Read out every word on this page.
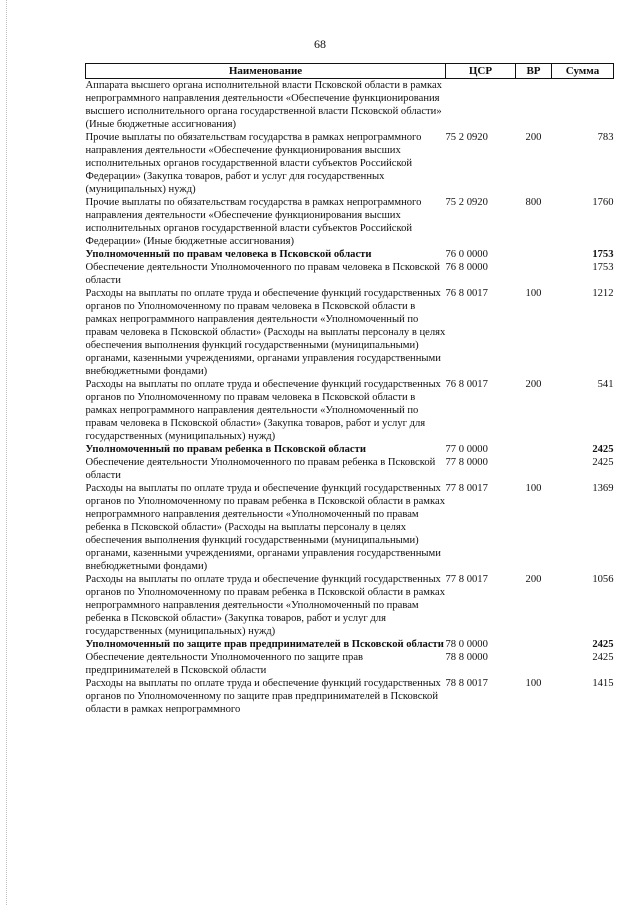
68
Наименование	ЦСР	ВР	Сумма
Аппарата высшего органа исполнительной власти Псковской области в рамках непрограммного направления деятельности «Обеспечение функционирования высшего исполнительного органа государственной власти Псковской области» (Иные бюджетные ассигнования)			
Прочие выплаты по обязательствам государства в рамках непрограммного направления деятельности «Обеспечение функционирования высших исполнительных органов государственной власти субъектов Российской Федерации» (Закупка товаров, работ и услуг для государственных (муниципальных) нужд)	75 2 0920	200	783
Прочие выплаты по обязательствам государства в рамках непрограммного направления деятельности «Обеспечение функционирования высших исполнительных органов государственной власти субъектов Российской Федерации» (Иные бюджетные ассигнования)	75 2 0920	800	1760
Уполномоченный по правам человека в Псковской области	76 0 0000		1753
Обеспечение деятельности Уполномоченного по правам человека в Псковской области	76 8 0000		1753
Расходы на выплаты по оплате труда и обеспечение функций государственных органов по Уполномоченному по правам человека в Псковской области в рамках непрограммного направления деятельности «Уполномоченный по правам человека в Псковской области» (Расходы на выплаты персоналу в целях обеспечения выполнения функций государственными (муниципальными) органами, казенными учреждениями, органами управления государственными внебюджетными фондами)	76 8 0017	100	1212
Расходы на выплаты по оплате труда и обеспечение функций государственных органов по Уполномоченному по правам человека в Псковской области в рамках непрограммного направления деятельности «Уполномоченный по правам человека в Псковской области» (Закупка товаров, работ и услуг для государственных (муниципальных) нужд)	76 8 0017	200	541
Уполномоченный по правам ребенка в Псковской области	77 0 0000		2425
Обеспечение деятельности Уполномоченного по правам ребенка в Псковской области	77 8 0000		2425
Расходы на выплаты по оплате труда и обеспечение функций государственных органов по Уполномоченному по правам ребенка в Псковской области в рамках непрограммного направления деятельности «Уполномоченный по правам ребенка в Псковской области» (Расходы на выплаты персоналу в целях обеспечения выполнения функций государственными (муниципальными) органами, казенными учреждениями, органами управления государственными внебюджетными фондами)	77 8 0017	100	1369
Расходы на выплаты по оплате труда и обеспечение функций государственных органов по Уполномоченному по правам ребенка в Псковской области в рамках непрограммного направления деятельности «Уполномоченный по правам ребенка в Псковской области» (Закупка товаров, работ и услуг для государственных (муниципальных) нужд)	77 8 0017	200	1056
Уполномоченный по защите прав предпринимателей в Псковской области	78 0 0000		2425
Обеспечение деятельности Уполномоченного по защите прав предпринимателей в Псковской области	78 8 0000		2425
Расходы на выплаты по оплате труда и обеспечение функций государственных органов по Уполномоченному по защите прав предпринимателей в Псковской области в рамках непрограммного	78 8 0017	100	1415
